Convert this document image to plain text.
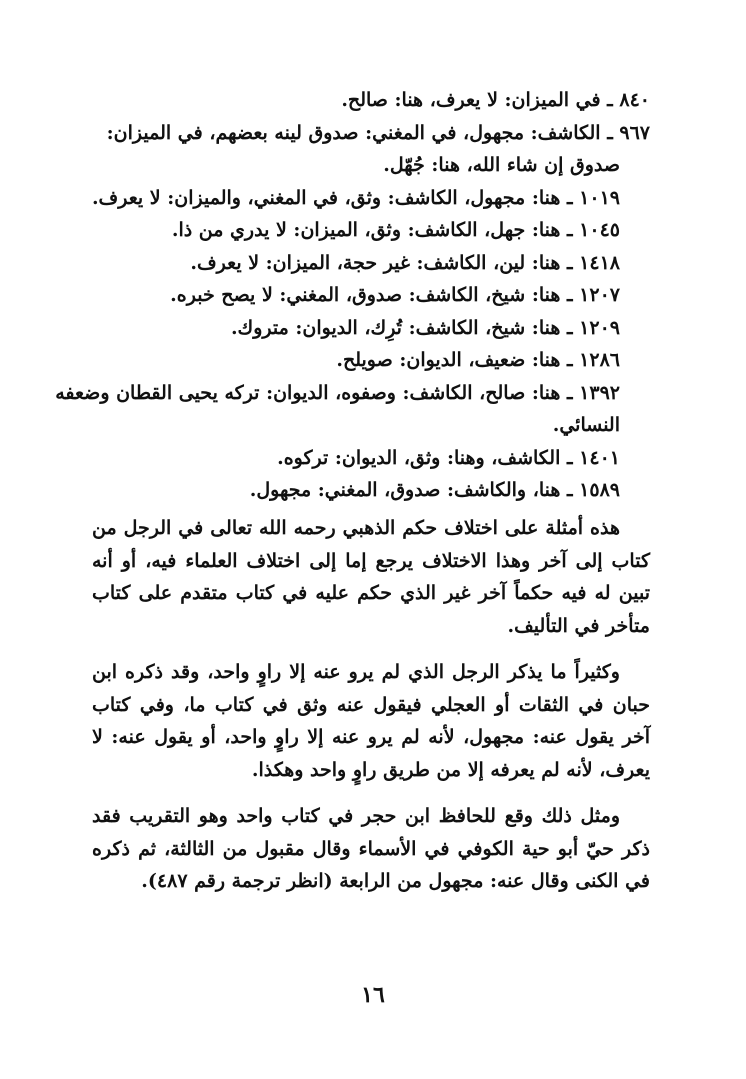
٨٤٠ ـ في الميزان: لا يعرف، هنا: صالح.

٩٦٧ ـ الكاشف: مجهول، في المغني: صدوق لينه بعضهم، في الميزان:

صدوق إن شاء الله، هنا: جُهّل.

١٠١٩ ـ هنا: مجهول، الكاشف: وثق، في المغني، والميزان: لا يعرف.

١٠٤٥ ـ هنا: جهل، الكاشف: وثق، الميزان: لا يدري من ذا.

١٤١٨ ـ هنا: لين، الكاشف: غير حجة، الميزان: لا يعرف.

١٢٠٧ ـ هنا: شيخ، الكاشف: صدوق، المغني: لا يصح خبره.

١٢٠٩ ـ هنا: شيخ، الكاشف: تُرِك، الديوان: متروك.

١٢٨٦ ـ هنا: ضعيف، الديوان: صويلح.

١٣٩٢ ـ هنا: صالح، الكاشف: وصفوه، الديوان: تركه يحيى القطان وضعفه

النسائي.

١٤٠١ ـ الكاشف، وهنا: وثق، الديوان: تركوه.

١٥٨٩ ـ هنا، والكاشف: صدوق، المغني: مجهول.

هذه أمثلة على اختلاف حكم الذهبي رحمه الله تعالى في الرجل من كتاب إلى آخر وهذا الاختلاف يرجع إما إلى اختلاف العلماء فيه، أو أنه تبين له فيه حكماً آخر غير الذي حكم عليه في كتاب متقدم على كتاب متأخر في التأليف.

وكثيراً ما يذكر الرجل الذي لم يرو عنه إلا راوٍ واحد، وقد ذكره ابن حبان في الثقات أو العجلي فيقول عنه وثق في كتاب ما، وفي كتاب آخر يقول عنه: مجهول، لأنه لم يرو عنه إلا راوٍ واحد، أو يقول عنه: لا يعرف، لأنه لم يعرفه إلا من طريق راوٍ واحد وهكذا.

ومثل ذلك وقع للحافظ ابن حجر في كتاب واحد وهو التقريب فقد ذكر حيّ أبو حية الكوفي في الأسماء وقال مقبول من الثالثة، ثم ذكره في الكنى وقال عنه: مجهول من الرابعة (انظر ترجمة رقم ٤٨٧).

١٦
